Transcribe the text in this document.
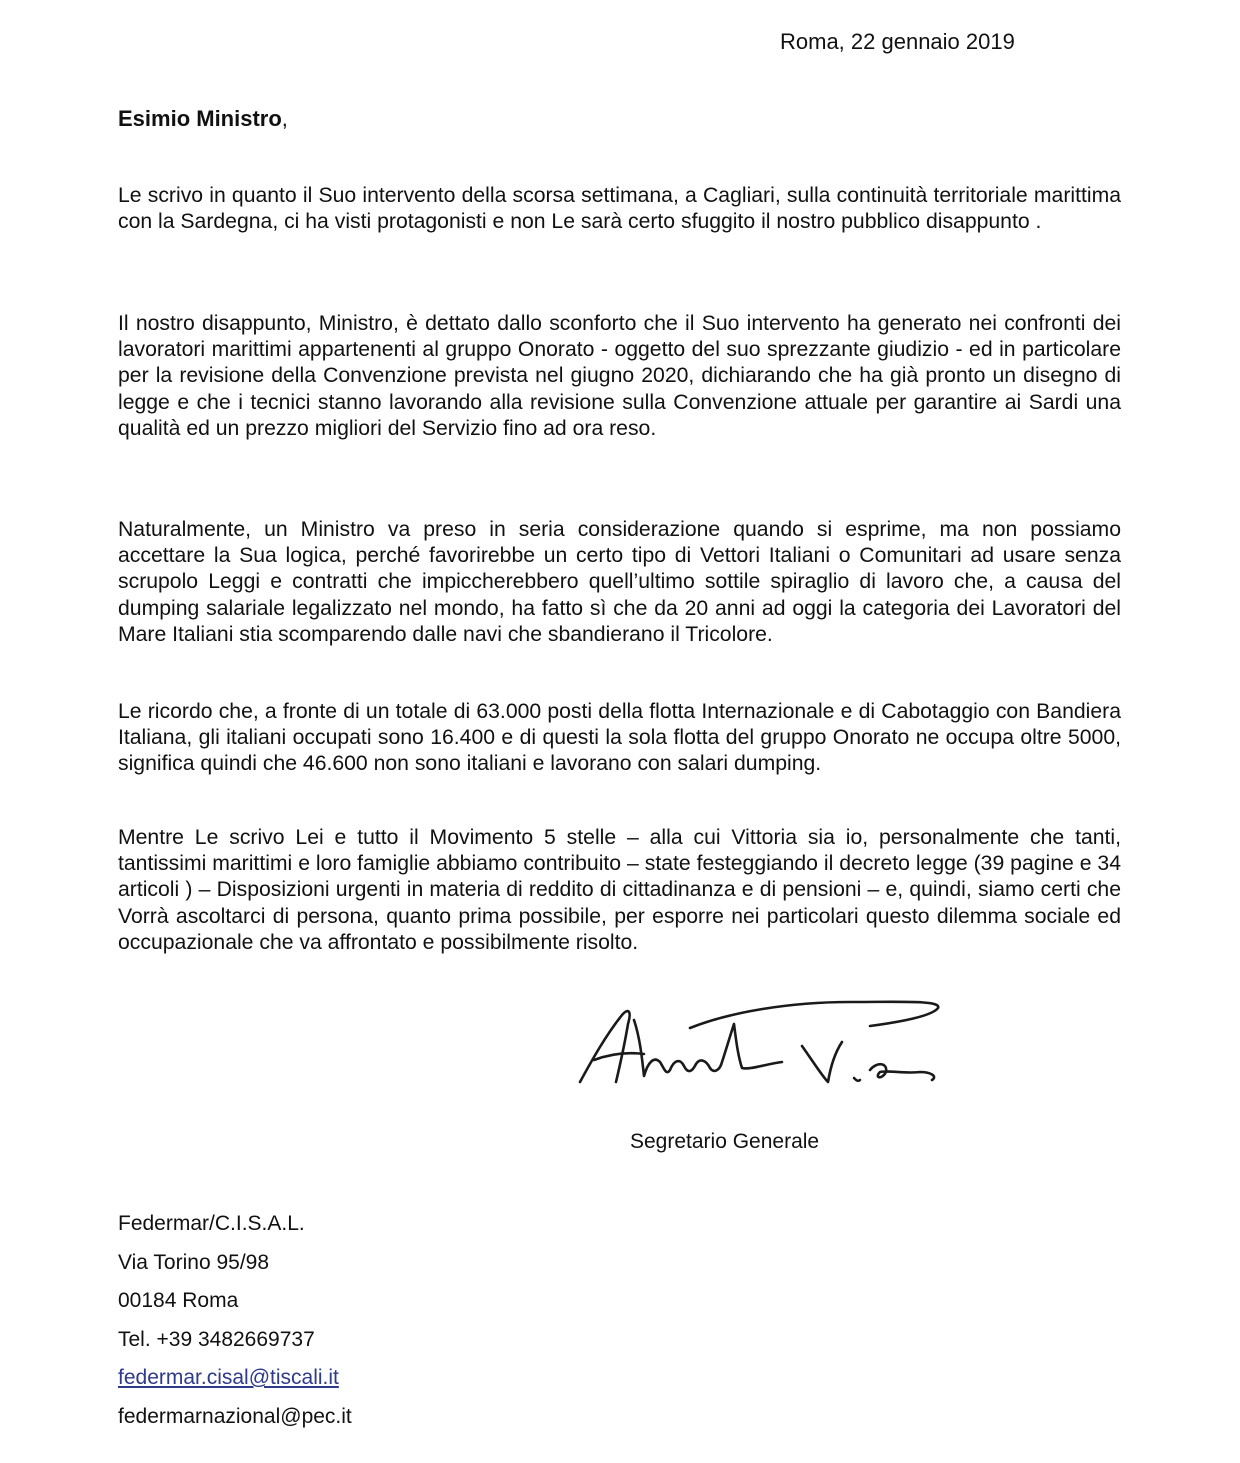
Roma, 22 gennaio 2019
Esimio Ministro,

Le scrivo in quanto il Suo intervento della scorsa settimana, a Cagliari, sulla continuità territoriale marittima con la Sardegna, ci ha visti protagonisti e non Le sarà certo sfuggito il nostro pubblico disappunto .

Il nostro disappunto, Ministro, è dettato dallo sconforto che il Suo intervento ha generato nei confronti dei lavoratori marittimi appartenenti al gruppo Onorato - oggetto del suo sprezzante giudizio - ed in particolare per la revisione della Convenzione prevista nel giugno 2020, dichiarando che ha già pronto un disegno di legge e che i tecnici stanno lavorando alla revisione sulla Convenzione attuale per garantire ai Sardi una qualità ed un prezzo migliori del Servizio fino ad ora reso.

Naturalmente, un Ministro va preso in seria considerazione quando si esprime, ma non possiamo accettare la Sua logica, perché favorirebbe un certo tipo di Vettori Italiani o Comunitari ad usare senza scrupolo Leggi e contratti che impiccherebbero quell’ultimo sottile spiraglio di lavoro che, a causa del dumping salariale legalizzato nel mondo, ha fatto sì che da 20 anni ad oggi la categoria dei Lavoratori del Mare Italiani stia scomparendo dalle navi che sbandierano il Tricolore.

Le ricordo che, a fronte di un totale di 63.000 posti della flotta Internazionale e di Cabotaggio con Bandiera Italiana, gli italiani occupati sono 16.400 e di questi la sola flotta del gruppo Onorato ne occupa oltre 5000, significa quindi che 46.600 non sono italiani e lavorano con salari dumping.

Mentre Le scrivo Lei e tutto il Movimento 5 stelle – alla cui Vittoria sia io, personalmente che tanti, tantissimi marittimi e loro famiglie abbiamo contribuito – state festeggiando il decreto legge (39 pagine e 34 articoli ) – Disposizioni urgenti in materia di reddito di cittadinanza e di pensioni – e, quindi, siamo certi che Vorrà ascoltarci di persona, quanto prima possibile, per esporre nei particolari questo dilemma sociale ed occupazionale che va affrontato e possibilmente risolto.

Segretario Generale
Federmar/C.I.S.A.L.
Via Torino 95/98
00184 Roma
Tel. +39 3482669737
federmar.cisal@tiscali.it
federmarnazional@pec.it
